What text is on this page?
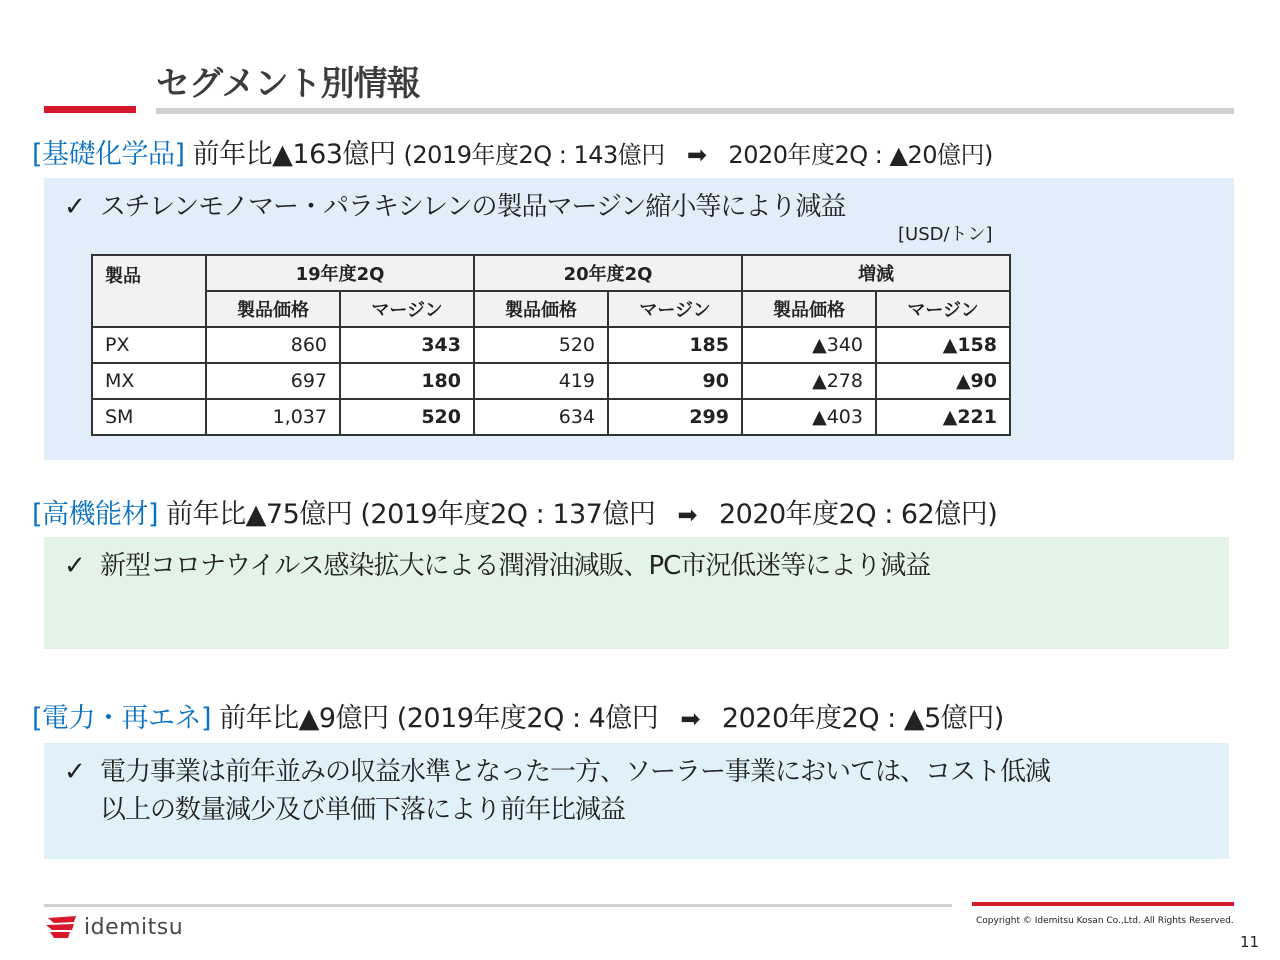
セグメント別情報
[基礎化学品] 前年比▲163億円 (2019年度2Q : 143億円 ➡ 2020年度2Q : ▲20億円)
✓ スチレンモノマー・パラキシレンの製品マージン縮小等により減益
[USD/トン]
製品	19年度2Q		20年度2Q		増減	
	製品価格	マージン	製品価格	マージン	製品価格	マージン
PX	860	343	520	185	▲340	▲158
MX	697	180	419	90	▲278	▲90
SM	1,037	520	634	299	▲403	▲221
[高機能材] 前年比▲75億円 (2019年度2Q : 137億円 ➡ 2020年度2Q : 62億円)
✓ 新型コロナウイルス感染拡大による潤滑油減販、PC市況低迷等により減益
[電力・再エネ] 前年比▲9億円 (2019年度2Q : 4億円 ➡ 2020年度2Q : ▲5億円)
✓ 電力事業は前年並みの収益水準となった一方、ソーラー事業においては、コスト低減
以上の数量減少及び単価下落により前年比減益
idemitsu	Copyright © Idemitsu Kosan Co.,Ltd. All Rights Reserved.
11
